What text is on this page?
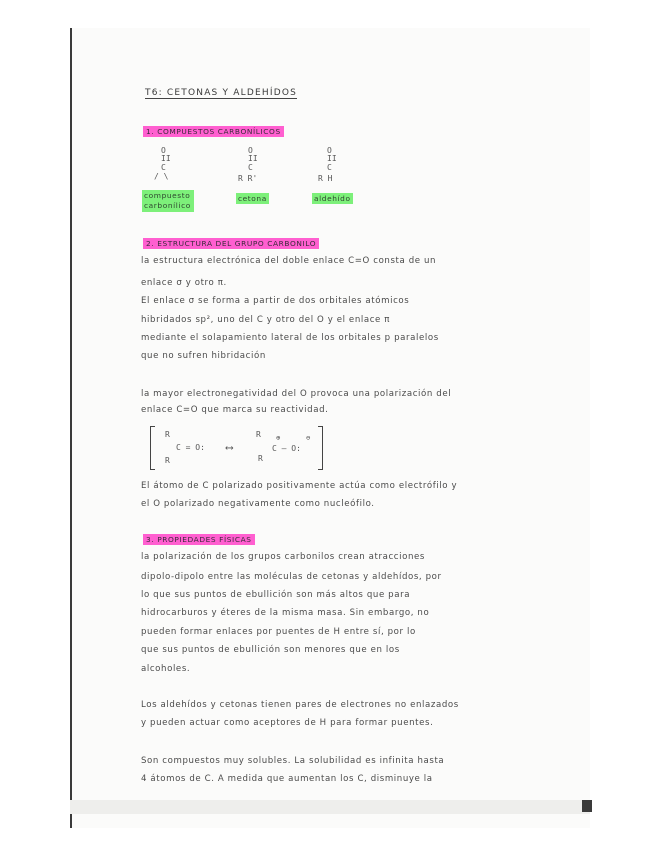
T6: CETONAS Y ALDEHÍDOS
1. COMPUESTOS CARBONÍLICOS
O
II
C
/ \
compuesto carbonílico
O
II
C
R R'
cetona
O
II
C
R H
aldehído
2. ESTRUCTURA DEL GRUPO CARBONILO
la estructura electrónica del doble enlace C=O consta de un
enlace σ y otro π.
El enlace σ se forma a partir de dos orbitales atómicos
hibridados sp², uno del C y otro del O y el enlace π
mediante el solapamiento lateral de los orbitales p paralelos
que no sufren hibridación
la mayor electronegatividad del O provoca una polarización del
enlace C=O que marca su reactividad.
R
C = O:
R
⟷
R
C – O:
R
⊕	⊖
El átomo de C polarizado positivamente actúa como electrófilo y
el O polarizado negativamente como nucleófilo.
3. PROPIEDADES FÍSICAS
la polarización de los grupos carbonilos crean atracciones
dipolo-dipolo entre las moléculas de cetonas y aldehídos, por
lo que sus puntos de ebullición son más altos que para
hidrocarburos y éteres de la misma masa. Sin embargo, no
pueden formar enlaces por puentes de H entre sí, por lo
que sus puntos de ebullición son menores que en los
alcoholes.
Los aldehídos y cetonas tienen pares de electrones no enlazados
y pueden actuar como aceptores de H para formar puentes.
Son compuestos muy solubles. La solubilidad es infinita hasta
4 átomos de C. A medida que aumentan los C, disminuye la
